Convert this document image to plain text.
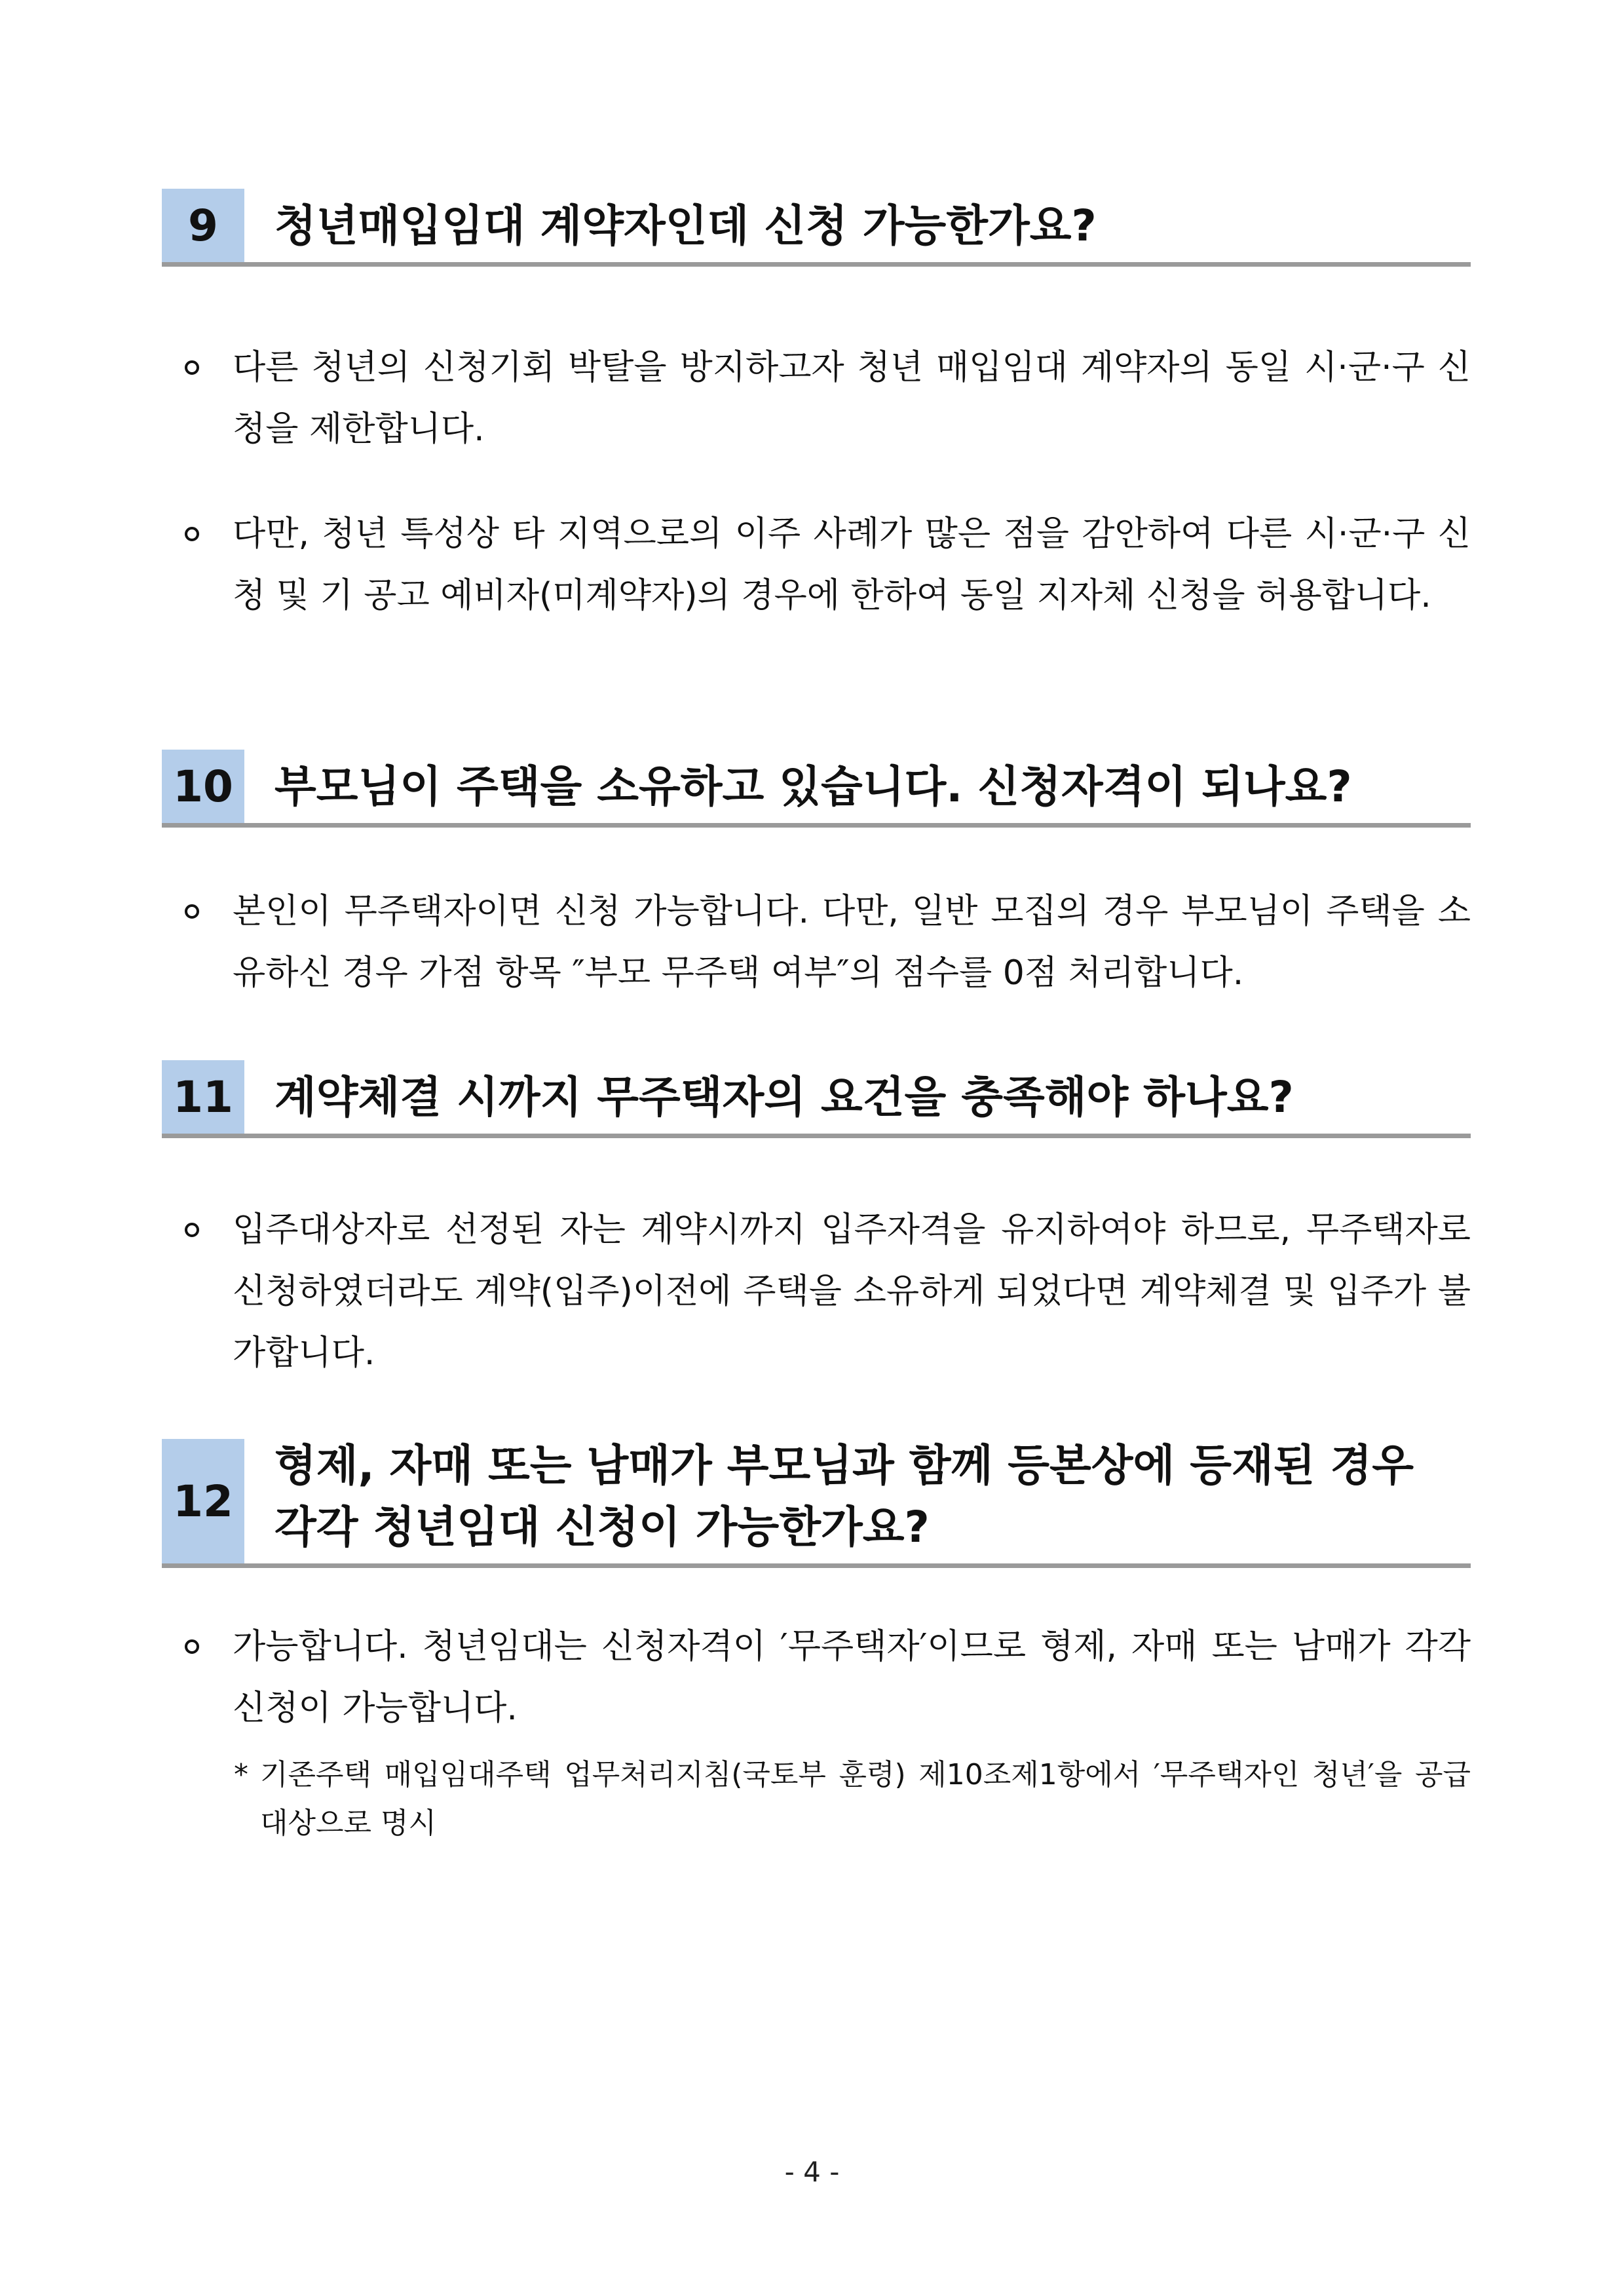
9	청년매입임대 계약자인데 신청 가능한가요?
다른 청년의 신청기회 박탈을 방지하고자 청년 매입임대 계약자의 동일 시·군·구 신청을 제한합니다.
다만, 청년 특성상 타 지역으로의 이주 사례가 많은 점을 감안하여 다른 시·군·구 신청 및 기 공고 예비자(미계약자)의 경우에 한하여 동일 지자체 신청을 허용합니다.
10 부모님이 주택을 소유하고 있습니다. 신청자격이 되나요?
본인이 무주택자이면 신청 가능합니다. 다만, 일반 모집의 경우 부모님이 주택을 소유하신 경우 가점 항목 ″부모 무주택 여부″의 점수를 0점 처리합니다.
11 계약체결 시까지 무주택자의 요건을 충족해야 하나요?
입주대상자로 선정된 자는 계약시까지 입주자격을 유지하여야 하므로, 무주택자로 신청하였더라도 계약(입주)이전에 주택을 소유하게 되었다면 계약체결 및 입주가 불가합니다.
12
형제, 자매 또는 남매가 부모님과 함께 등본상에 등재된 경우
각각 청년임대 신청이 가능한가요?
가능합니다. 청년임대는 신청자격이 ′무주택자′이므로 형제, 자매 또는 남매가 각각 신청이 가능합니다.
* 기존주택 매입임대주택 업무처리지침(국토부 훈령) 제10조제1항에서 ′무주택자인 청년′을 공급대상으로 명시
- 4 -
